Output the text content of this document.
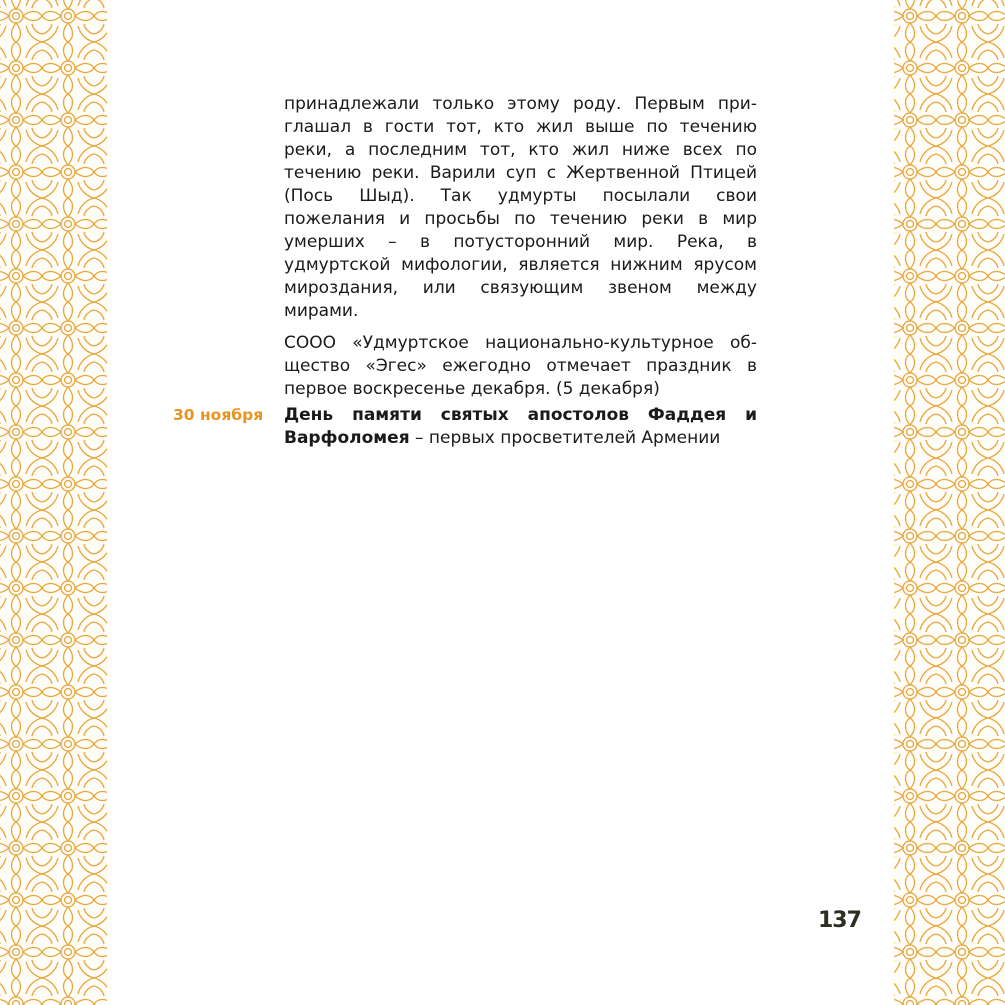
принадлежали только этому роду. Первым приглашал в гости тот, кто жил выше по течению реки, а последним тот, кто жил ниже всех по течению реки. Варили суп с Жертвенной Птицей (Пось Шыд). Так удмурты посылали свои пожелания и просьбы по течению реки в мир умерших – в потусторонний мир. Река, в удмуртской мифологии, является нижним ярусом мироздания, или связующим звеном между мирами.

СООО «Удмуртское национально-культурное общество «Эгес» ежегодно отмечает праздник в первое воскресенье декабря. (5 декабря)

30 ноября День памяти святых апостолов Фаддея и Варфоломея – первых просветителей Армении
137
